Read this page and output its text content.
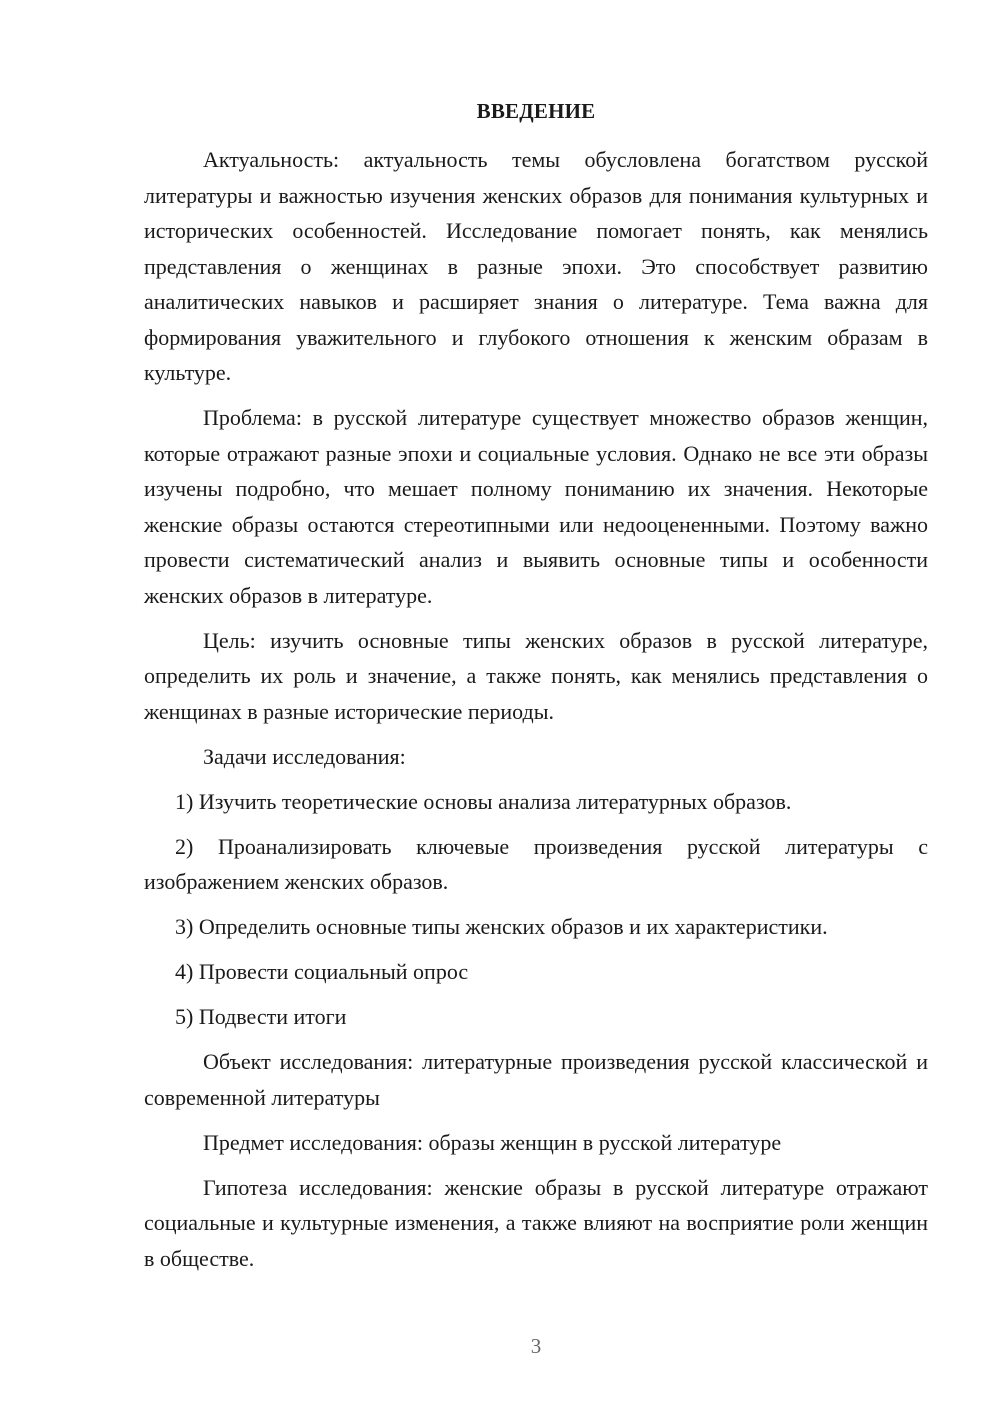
ВВЕДЕНИЕ

Актуальность: актуальность темы обусловлена богатством русской литературы и важностью изучения женских образов для понимания культурных и исторических особенностей. Исследование помогает понять, как менялись представления о женщинах в разные эпохи. Это способствует развитию аналитических навыков и расширяет знания о литературе. Тема важна для формирования уважительного и глубокого отношения к женским образам в культуре.

Проблема: в русской литературе существует множество образов женщин, которые отражают разные эпохи и социальные условия. Однако не все эти образы изучены подробно, что мешает полному пониманию их значения. Некоторые женские образы остаются стереотипными или недооцененными. Поэтому важно провести систематический анализ и выявить основные типы и особенности женских образов в литературе.

Цель: изучить основные типы женских образов в русской литературе, определить их роль и значение, а также понять, как менялись представления о женщинах в разные исторические периоды.

Задачи исследования:

1) Изучить теоретические основы анализа литературных образов.

2) Проанализировать ключевые произведения русской литературы с изображением женских образов.

3) Определить основные типы женских образов и их характеристики.

4) Провести социальный опрос

5) Подвести итоги

Объект исследования: литературные произведения русской классической и современной литературы

Предмет исследования: образы женщин в русской литературе

Гипотеза исследования: женские образы в русской литературе отражают социальные и культурные изменения, а также влияют на восприятие роли женщин в обществе.

3
